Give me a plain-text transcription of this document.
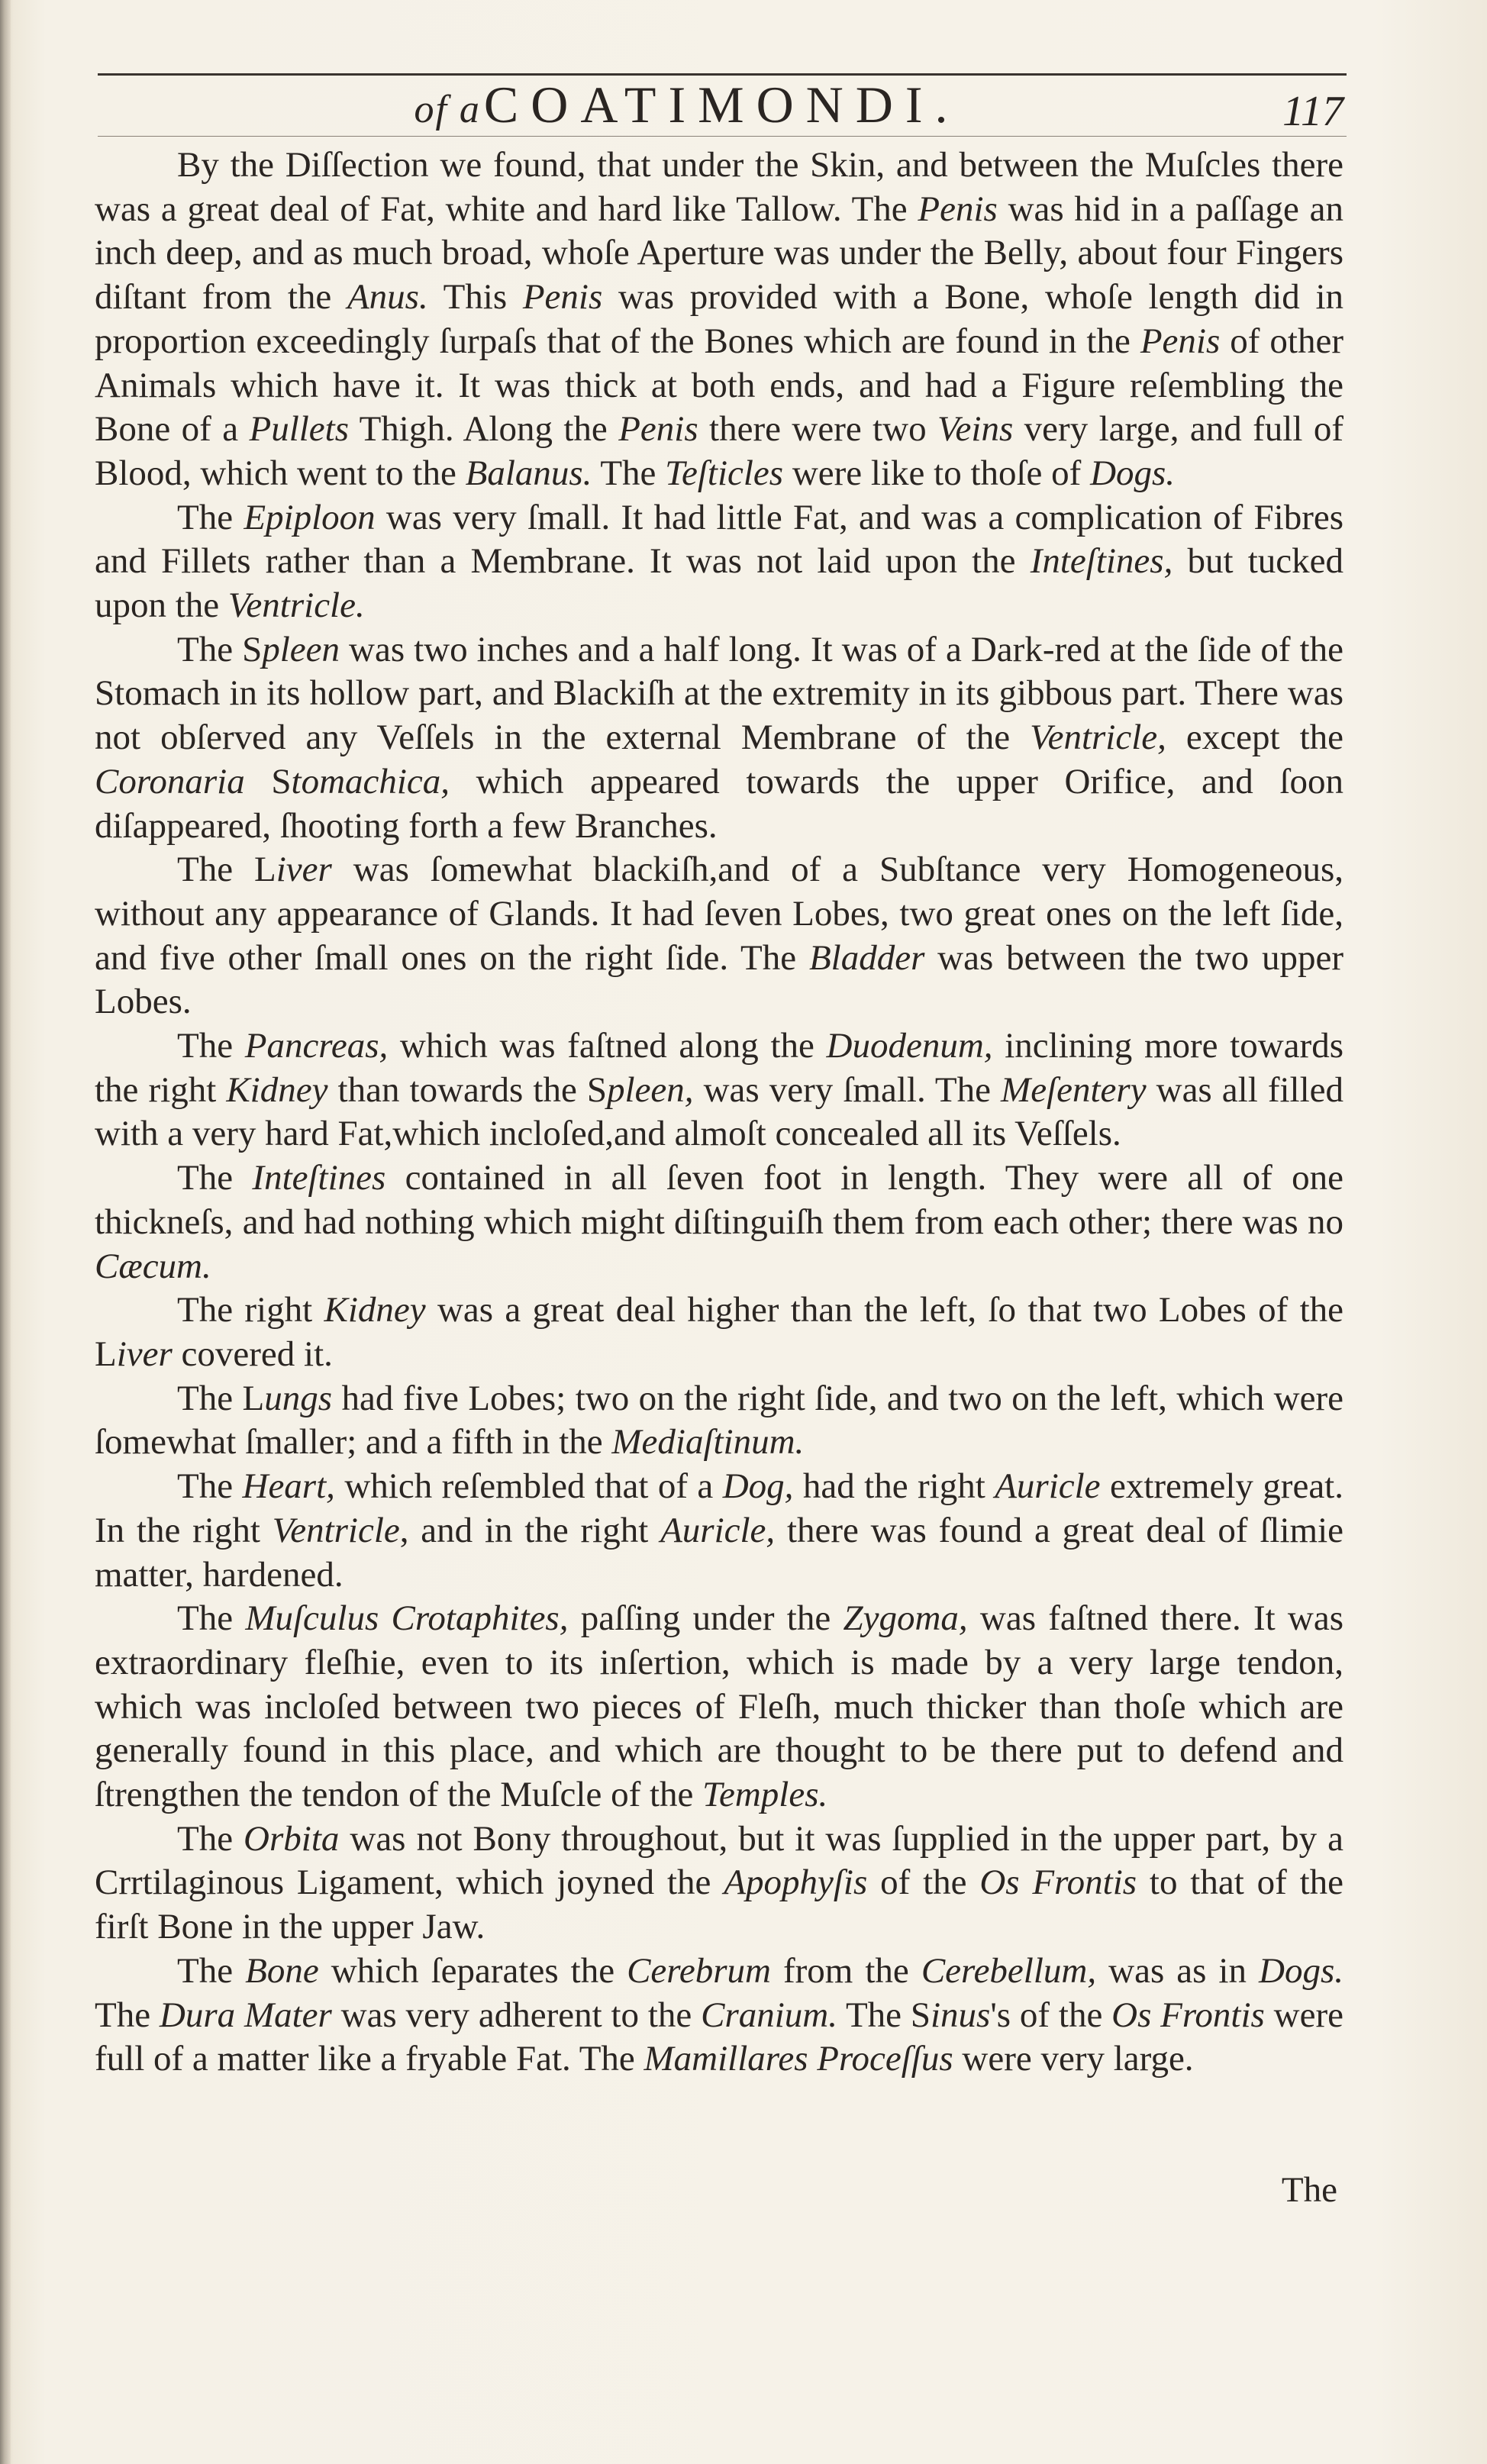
of a COATIMONDI.	117

By the Diſſection we found, that under the Skin, and between the Muſcles there was a great deal of Fat, white and hard like Tallow. The Penis was hid in a paſſage an inch deep, and as much broad, whoſe Aperture was under the Belly, about four Fingers diſtant from the Anus. This Penis was provided with a Bone, whoſe length did in proportion exceedingly ſurpaſs that of the Bones which are found in the Penis of other Animals which have it. It was thick at both ends, and had a Figure reſembling the Bone of a Pullets Thigh. Along the Penis there were two Veins very large, and full of Blood, which went to the Balanus. The Teſticles were like to thoſe of Dogs.

The Epiploon was very ſmall. It had little Fat, and was a complication of Fibres and Fillets rather than a Membrane. It was not laid upon the Inteſtines, but tucked upon the Ventricle.

The Spleen was two inches and a half long. It was of a Dark-red at the ſide of the Stomach in its hollow part, and Blackiſh at the extremity in its gibbous part. There was not obſerved any Veſſels in the external Membrane of the Ventricle, except the Coronaria Stomachica, which appeared towards the upper Orifice, and ſoon diſappeared, ſhooting forth a few Branches.

The Liver was ſomewhat blackiſh,and of a Subſtance very Homogeneous, without any appearance of Glands. It had ſeven Lobes, two great ones on the left ſide, and five other ſmall ones on the right ſide. The Bladder was between the two upper Lobes.

The Pancreas, which was faſtned along the Duodenum, inclining more towards the right Kidney than towards the Spleen, was very ſmall. The Meſentery was all filled with a very hard Fat,which incloſed,and almoſt concealed all its Veſſels.

The Inteſtines contained in all ſeven foot in length. They were all of one thickneſs, and had nothing which might diſtinguiſh them from each other; there was no Cæcum.

The right Kidney was a great deal higher than the left, ſo that two Lobes of the Liver covered it.

The Lungs had five Lobes; two on the right ſide, and two on the left, which were ſomewhat ſmaller; and a fifth in the Mediaſtinum.

The Heart, which reſembled that of a Dog, had the right Auricle extremely great. In the right Ventricle, and in the right Auricle, there was found a great deal of ſlimie matter, hardened.

The Muſculus Crotaphites, paſſing under the Zygoma, was faſtned there. It was extraordinary fleſhie, even to its inſertion, which is made by a very large tendon, which was incloſed between two pieces of Fleſh, much thicker than thoſe which are generally found in this place, and which are thought to be there put to defend and ſtrengthen the tendon of the Muſcle of the Temples.

The Orbita was not Bony throughout, but it was ſupplied in the upper part, by a Crrtilaginous Ligament, which joyned the Apophyſis of the Os Frontis to that of the firſt Bone in the upper Jaw.

The Bone which ſeparates the Cerebrum from the Cerebellum, was as in Dogs. The Dura Mater was very adherent to the Cranium. The Sinus's of the Os Frontis were full of a matter like a fryable Fat. The Mamillares Proceſſus were very large.

The
